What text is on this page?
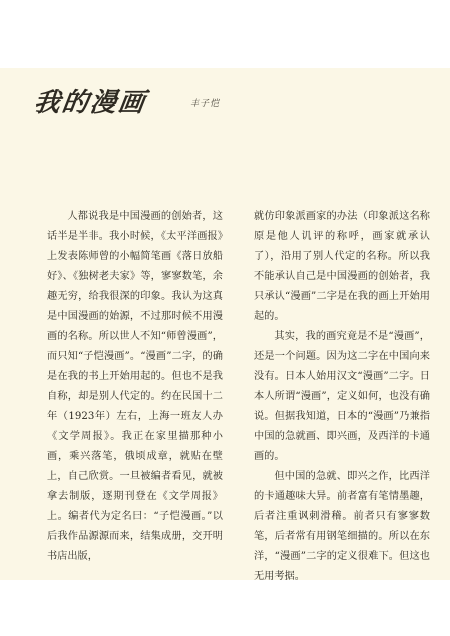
我的漫画	丰子恺

人都说我是中国漫画的创始者，这话半是半非。我小时候，《太平洋画报》上发表陈师曾的小幅简笔画《落日放船好》、《独树老夫家》等，寥寥数笔，余趣无穷，给我很深的印象。我认为这真是中国漫画的始源，不过那时候不用漫画的名称。所以世人不知“师曾漫画”，而只知“子恺漫画”。“漫画”二字，的确是在我的书上开始用起的。但也不是我自称，却是别人代定的。约在民国十二年（1923年）左右，上海一班友人办《文学周报》。我正在家里描那种小画，乘兴落笔，俄顷成章，就贴在壁上，自己欣赏。一旦被编者看见，就被拿去制版，逐期刊登在《文学周报》上。编者代为定名曰：“子恺漫画。”以后我作品源源而来，结集成册，交开明书店出版，

就仿印象派画家的办法（印象派这名称原是他人讥评的称呼，画家就承认了），沿用了别人代定的名称。所以我不能承认自己是中国漫画的创始者，我只承认“漫画”二字是在我的画上开始用起的。

其实，我的画究竟是不是“漫画”，还是一个问题。因为这二字在中国向来没有。日本人始用汉文“漫画”二字。日本人所谓“漫画”，定义如何，也没有确说。但据我知道，日本的“漫画”乃兼指中国的急就画、即兴画，及西洋的卡通画的。

但中国的急就、即兴之作，比西洋的卡通趣味大异。前者富有笔情墨趣，后者注重讽刺滑稽。前者只有寥寥数笔，后者常有用钢笔细描的。所以在东洋，“漫画”二字的定义很难下。但这也无用考据。
